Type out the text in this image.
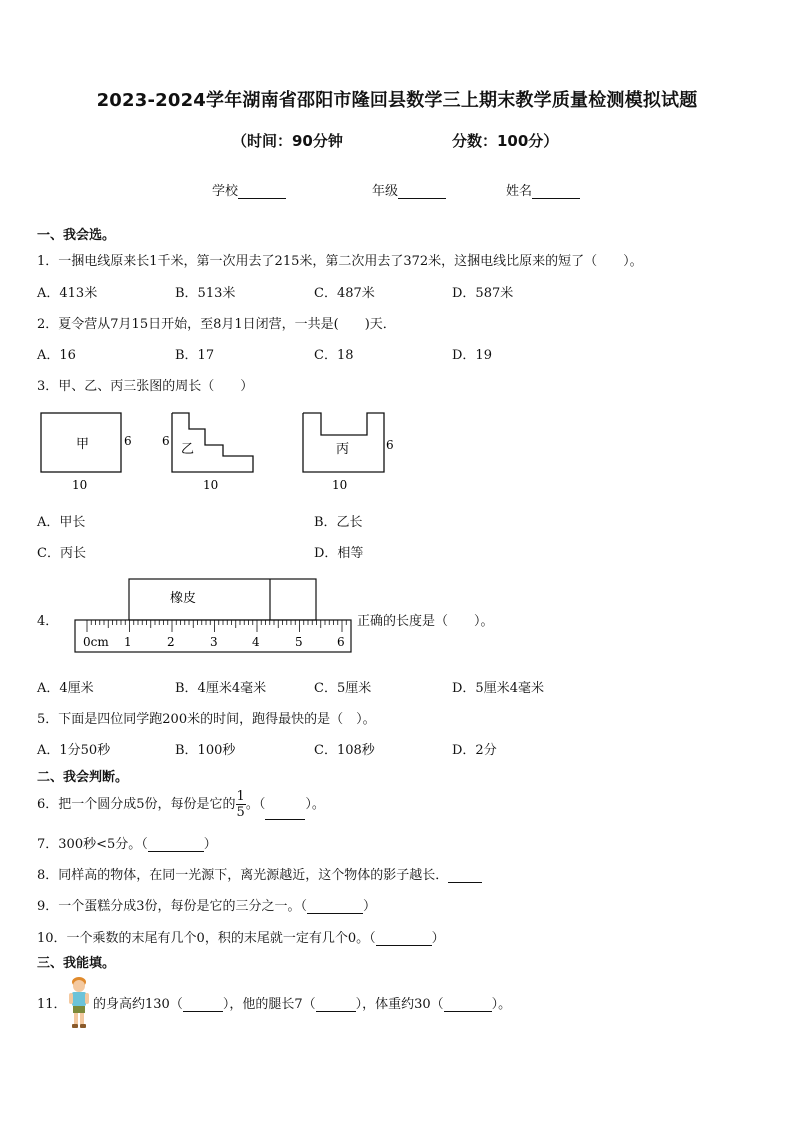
2023-2024学年湖南省邵阳市隆回县数学三上期末教学质量检测模拟试题
（时间：90分钟	分数：100分）
学校	年级	姓名
一、我会选。
1．一捆电线原来长1千米，第一次用去了215米，第二次用去了372米，这捆电线比原来的短了（　　）。
A．413米	B．513米	C．487米	D．587米
2．夏令营从7月15日开始，至8月1日闭营，一共是(　　)天．
A．16	B．17	C．18	D．19
3．甲、乙、丙三张图的周长（　　）
甲	6
10
乙
6
10
丙	6
10
A．甲长	B．乙长
C．丙长	D．相等
4．
橡皮
0cm 1	2	3	4	5	6
正确的长度是（　　）。
A．4厘米	B．4厘米4毫米	C．5厘米	D．5厘米4毫米
5．下面是四位同学跑200米的时间，跑得最快的是（　）。
A．1分50秒	B．100秒	C．108秒	D．2分
二、我会判断。
6．把一个圆分成5份，每份是它的 $\frac{1}{5}$ 。（	）。
7．300秒<5分。（	）
8．同样高的物体，在同一光源下，离光源越近，这个物体的影子越长．
9．一个蛋糕分成3份，每份是它的三分之一。（	）
10．一个乘数的末尾有几个0，积的末尾就一定有几个0。（	）
三、我能填。
11． 的身高约130（	），他的腿长7（	），体重约30（	）。
